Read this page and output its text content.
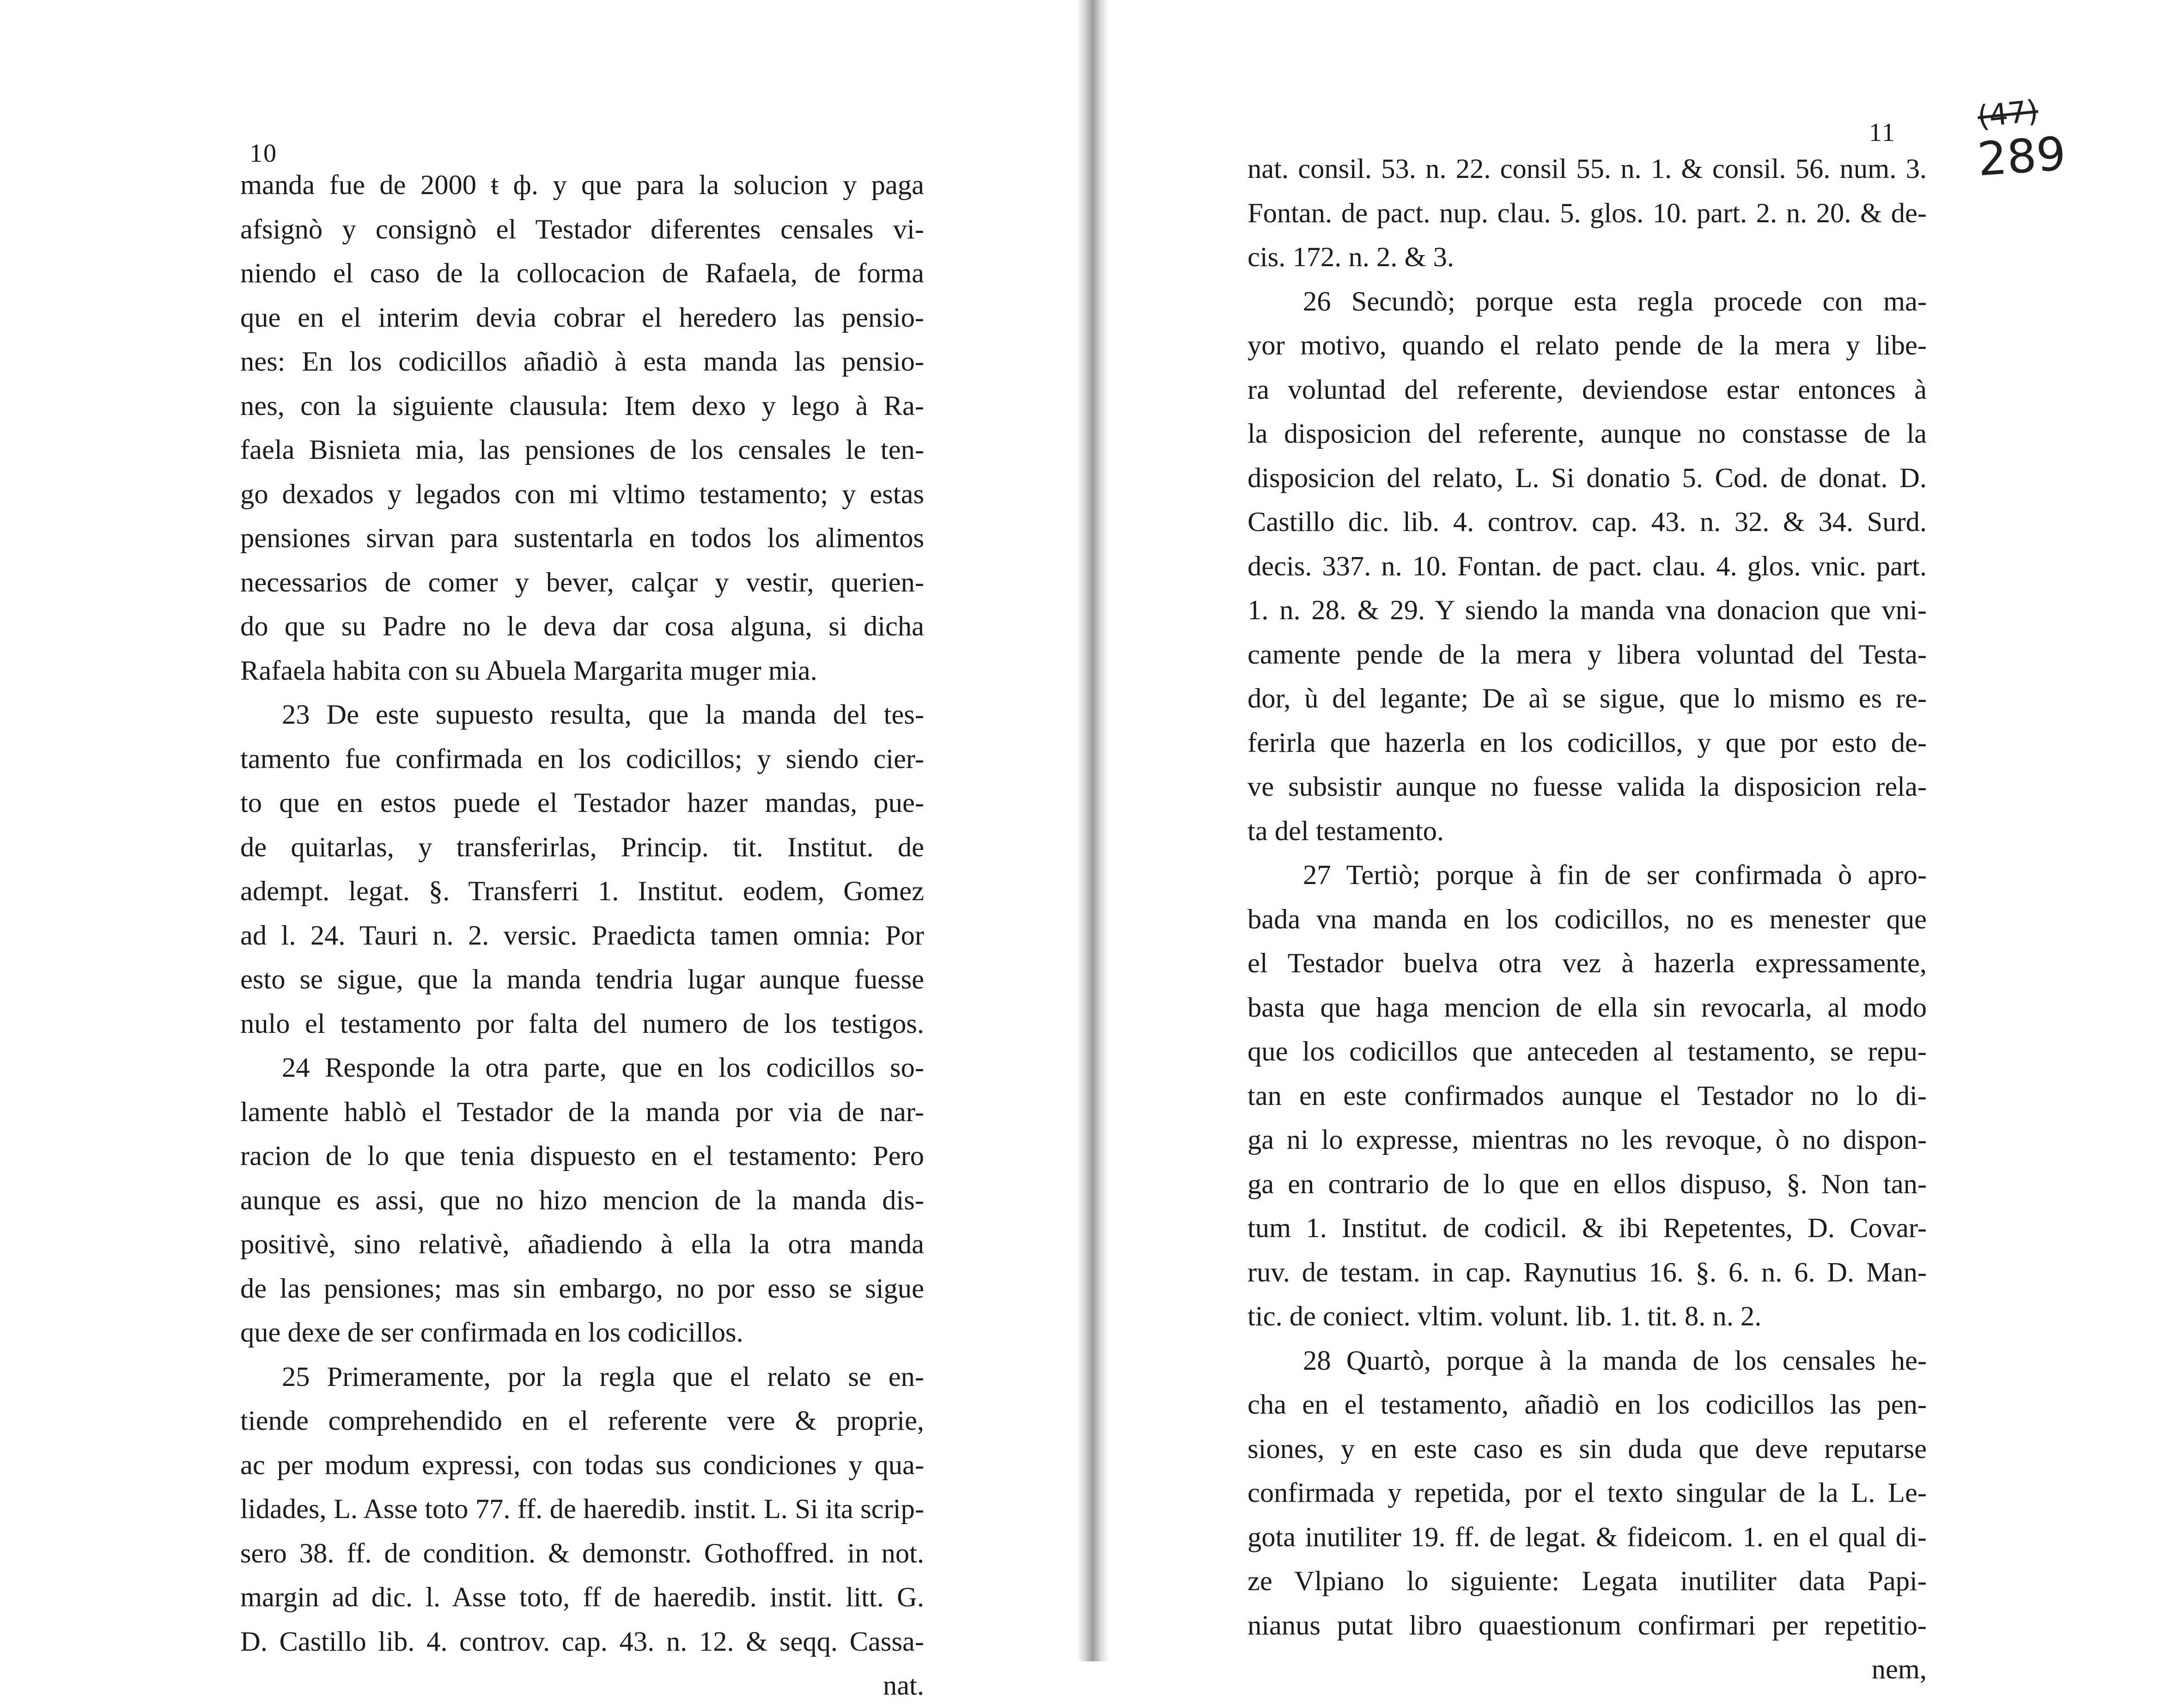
10
manda fue de 2000 ŧ ф. y que para la solucion y paga
afsignò y consignò el Testador diferentes censales vi-
niendo el caso de la collocacion de Rafaela, de forma
que en el interim devia cobrar el heredero las pensio-
nes: En los codicillos añadiò à esta manda las pensio-
nes, con la siguiente clausula: Item dexo y lego à Ra-
faela Bisnieta mia, las pensiones de los censales le ten-
go dexados y legados con mi vltimo testamento; y estas
pensiones sirvan para sustentarla en todos los alimentos
necessarios de comer y bever, calçar y vestir, querien-
do que su Padre no le deva dar cosa alguna, si dicha
Rafaela habita con su Abuela Margarita muger mia.
23 De este supuesto resulta, que la manda del tes-
tamento fue confirmada en los codicillos; y siendo cier-
to que en estos puede el Testador hazer mandas, pue-
de quitarlas, y transferirlas, Princip. tit. Institut. de
adempt. legat. §. Transferri 1. Institut. eodem, Gomez
ad l. 24. Tauri n. 2. versic. Praedicta tamen omnia: Por
esto se sigue, que la manda tendria lugar aunque fuesse
nulo el testamento por falta del numero de los testigos.
24 Responde la otra parte, que en los codicillos so-
lamente hablò el Testador de la manda por via de nar-
racion de lo que tenia dispuesto en el testamento: Pero
aunque es assi, que no hizo mencion de la manda dis-
positivè, sino relativè, añadiendo à ella la otra manda
de las pensiones; mas sin embargo, no por esso se sigue
que dexe de ser confirmada en los codicillos.
25 Primeramente, por la regla que el relato se en-
tiende comprehendido en el referente vere & proprie,
ac per modum expressi, con todas sus condiciones y qua-
lidades, L. Asse toto 77. ff. de haeredib. instit. L. Si ita scrip-
sero 38. ff. de condition. & demonstr. Gothoffred. in not.
margin ad dic. l. Asse toto, ff de haeredib. instit. litt. G.
D. Castillo lib. 4. controv. cap. 43. n. 12. & seqq. Cassa-
nat.
11	(47)
289
nat. consil. 53. n. 22. consil 55. n. 1. & consil. 56. num. 3.
Fontan. de pact. nup. clau. 5. glos. 10. part. 2. n. 20. & de-
cis. 172. n. 2. & 3.
26 Secundò; porque esta regla procede con ma-
yor motivo, quando el relato pende de la mera y libe-
ra voluntad del referente, deviendose estar entonces à
la disposicion del referente, aunque no constasse de la
disposicion del relato, L. Si donatio 5. Cod. de donat. D.
Castillo dic. lib. 4. controv. cap. 43. n. 32. & 34. Surd.
decis. 337. n. 10. Fontan. de pact. clau. 4. glos. vnic. part.
1. n. 28. & 29. Y siendo la manda vna donacion que vni-
camente pende de la mera y libera voluntad del Testa-
dor, ù del legante; De aì se sigue, que lo mismo es re-
ferirla que hazerla en los codicillos, y que por esto de-
ve subsistir aunque no fuesse valida la disposicion rela-
ta del testamento.
27 Tertiò; porque à fin de ser confirmada ò apro-
bada vna manda en los codicillos, no es menester que
el Testador buelva otra vez à hazerla expressamente,
basta que haga mencion de ella sin revocarla, al modo
que los codicillos que anteceden al testamento, se repu-
tan en este confirmados aunque el Testador no lo di-
ga ni lo expresse, mientras no les revoque, ò no dispon-
ga en contrario de lo que en ellos dispuso, §. Non tan-
tum 1. Institut. de codicil. & ibi Repetentes, D. Covar-
ruv. de testam. in cap. Raynutius 16. §. 6. n. 6. D. Man-
tic. de coniect. vltim. volunt. lib. 1. tit. 8. n. 2.
28 Quartò, porque à la manda de los censales he-
cha en el testamento, añadiò en los codicillos las pen-
siones, y en este caso es sin duda que deve reputarse
confirmada y repetida, por el texto singular de la L. Le-
gota inutiliter 19. ff. de legat. & fideicom. 1. en el qual di-
ze Vlpiano lo siguiente: Legata inutiliter data Papi-
nianus putat libro quaestionum confirmari per repetitio-
nem,
